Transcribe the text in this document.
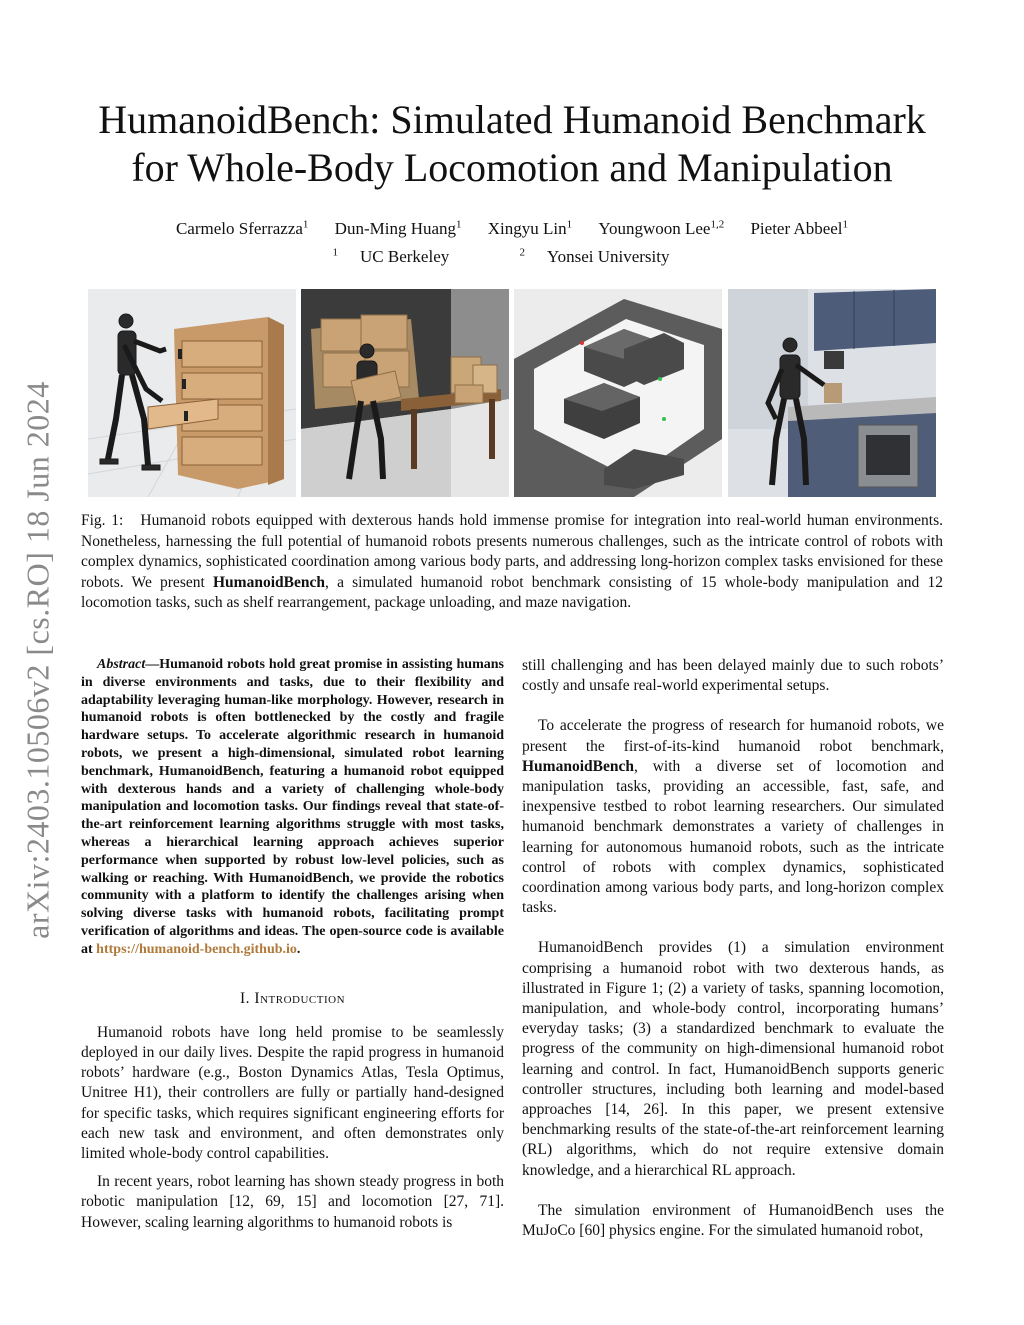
arXiv:2403.10506v2 [cs.RO] 18 Jun 2024
HumanoidBench: Simulated Humanoid Benchmark
for Whole-Body Locomotion and Manipulation
Carmelo Sferrazza$^1$ Dun-Ming Huang$^1$ Xingyu Lin$^1$ Youngwoon Lee$^{1,2}$ Pieter Abbeel$^1$
$^1$ UC Berkeley	$^2$ Yonsei University
Fig. 1: Humanoid robots equipped with dexterous hands hold immense promise for integration into real-world human environments. Nonetheless, harnessing the full potential of humanoid robots presents numerous challenges, such as the intricate control of robots with complex dynamics, sophisticated coordination among various body parts, and addressing long-horizon complex tasks envisioned for these robots. We present HumanoidBench, a simulated humanoid robot benchmark consisting of 15 whole-body manipulation and 12 locomotion tasks, such as shelf rearrangement, package unloading, and maze navigation.

Abstract—Humanoid robots hold great promise in assisting humans in diverse environments and tasks, due to their flexibility and adaptability leveraging human-like morphology. However, research in humanoid robots is often bottlenecked by the costly and fragile hardware setups. To accelerate algorithmic research in humanoid robots, we present a high-dimensional, simulated robot learning benchmark, HumanoidBench, featuring a humanoid robot equipped with dexterous hands and a variety of challenging whole-body manipulation and locomotion tasks. Our findings reveal that state-of-the-art reinforcement learning algorithms struggle with most tasks, whereas a hierarchical learning approach achieves superior performance when supported by robust low-level policies, such as walking or reaching. With HumanoidBench, we provide the robotics community with a platform to identify the challenges arising when solving diverse tasks with humanoid robots, facilitating prompt verification of algorithms and ideas. The open-source code is available at https://humanoid-bench.github.io.

I. Introduction

Humanoid robots have long held promise to be seamlessly deployed in our daily lives. Despite the rapid progress in humanoid robots’ hardware (e.g., Boston Dynamics Atlas, Tesla Optimus, Unitree H1), their controllers are fully or partially hand-designed for specific tasks, which requires significant engineering efforts for each new task and environment, and often demonstrates only limited whole-body control capabilities.

In recent years, robot learning has shown steady progress in both robotic manipulation [12, 69, 15] and locomotion [27, 71]. However, scaling learning algorithms to humanoid robots is

still challenging and has been delayed mainly due to such robots’ costly and unsafe real-world experimental setups.

To accelerate the progress of research for humanoid robots, we present the first-of-its-kind humanoid robot benchmark, HumanoidBench, with a diverse set of locomotion and manipulation tasks, providing an accessible, fast, safe, and inexpensive testbed to robot learning researchers. Our simulated humanoid benchmark demonstrates a variety of challenges in learning for autonomous humanoid robots, such as the intricate control of robots with complex dynamics, sophisticated coordination among various body parts, and long-horizon complex tasks.

HumanoidBench provides (1) a simulation environment comprising a humanoid robot with two dexterous hands, as illustrated in Figure 1; (2) a variety of tasks, spanning locomotion, manipulation, and whole-body control, incorporating humans’ everyday tasks; (3) a standardized benchmark to evaluate the progress of the community on high-dimensional humanoid robot learning and control. In fact, HumanoidBench supports generic controller structures, including both learning and model-based approaches [14, 26]. In this paper, we present extensive benchmarking results of the state-of-the-art reinforcement learning (RL) algorithms, which do not require extensive domain knowledge, and a hierarchical RL approach.

The simulation environment of HumanoidBench uses the MuJoCo [60] physics engine. For the simulated humanoid robot,
